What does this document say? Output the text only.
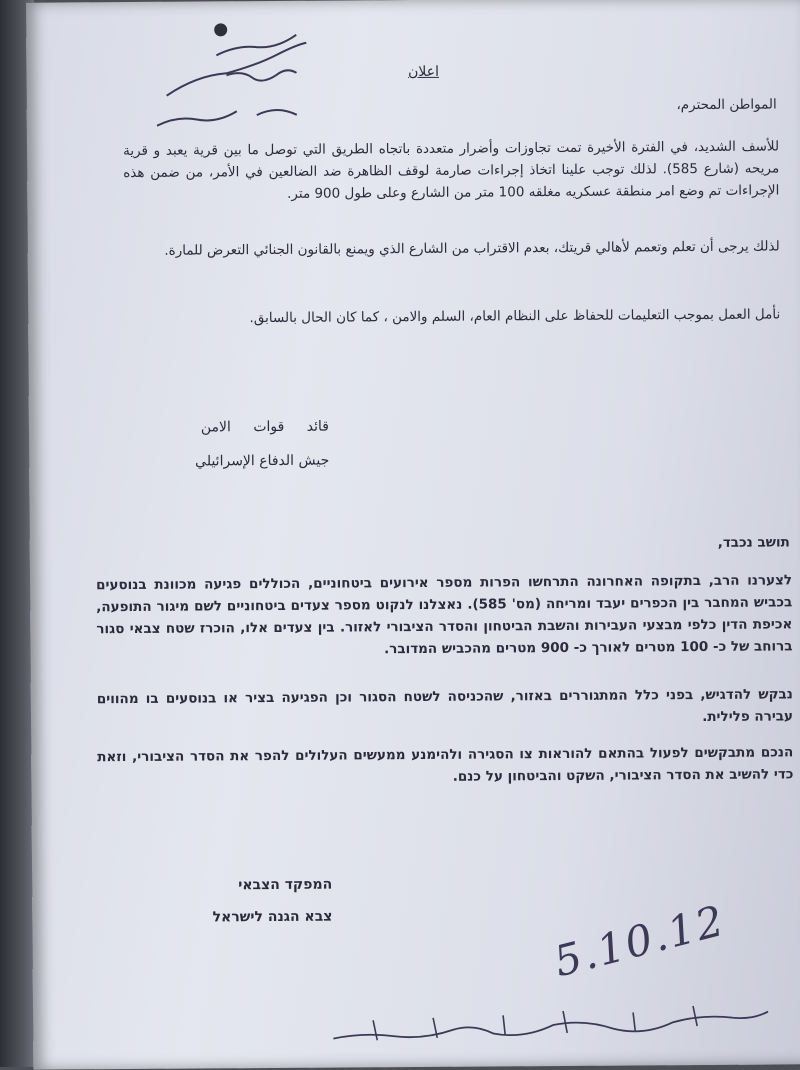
اعلان
المواطن المحترم،
للأسف الشديد، في الفترة الأخيرة تمت تجاوزات وأضرار متعددة باتجاه الطريق التي توصل ما بين قرية يعبد و قرية مريحه (شارع 585). لذلك توجب علينا اتخاذ إجراءات صارمة لوقف الظاهرة ضد الضالعين في الأمر، من ضمن هذه الإجراءات تم وضع امر منطقة عسكريه مغلقه 100 متر من الشارع وعلى طول 900 متر.
لذلك يرجى أن تعلم وتعمم لأهالي قريتك، بعدم الاقتراب من الشارع الذي ويمنع بالقانون الجنائي التعرض للمارة.
نأمل العمل بموجب التعليمات للحفاظ على النظام العام، السلم والامن ، كما كان الحال بالسابق.
قائد قوات الامن
جيش الدفاع الإسرائيلي
תושב נכבד,
לצערנו הרב, בתקופה האחרונה התרחשו הפרות מספר אירועים ביטחוניים, הכוללים פגיעה מכוונת בנוסעים בכביש המחבר בין הכפרים יעבד ומריחה (מס' 585). נאצלנו לנקוט מספר צעדים ביטחוניים לשם מיגור התופעה, אכיפת הדין כלפי מבצעי העבירות והשבת הביטחון והסדר הציבורי לאזור. בין צעדים אלו, הוכרז שטח צבאי סגור ברוחב של כ- 100 מטרים לאורך כ- 900 מטרים מהכביש המדובר.
נבקש להדגיש, בפני כלל המתגוררים באזור, שהכניסה לשטח הסגור וכן הפגיעה בציר או בנוסעים בו מהווים עבירה פלילית.
הנכם מתבקשים לפעול בהתאם להוראות צו הסגירה ולהימנע ממעשים העלולים להפר את הסדר הציבורי, וזאת כדי להשיב את הסדר הציבורי, השקט והביטחון על כנם.
המפקד הצבאי
צבא הגנה לישראל	5.10.12
